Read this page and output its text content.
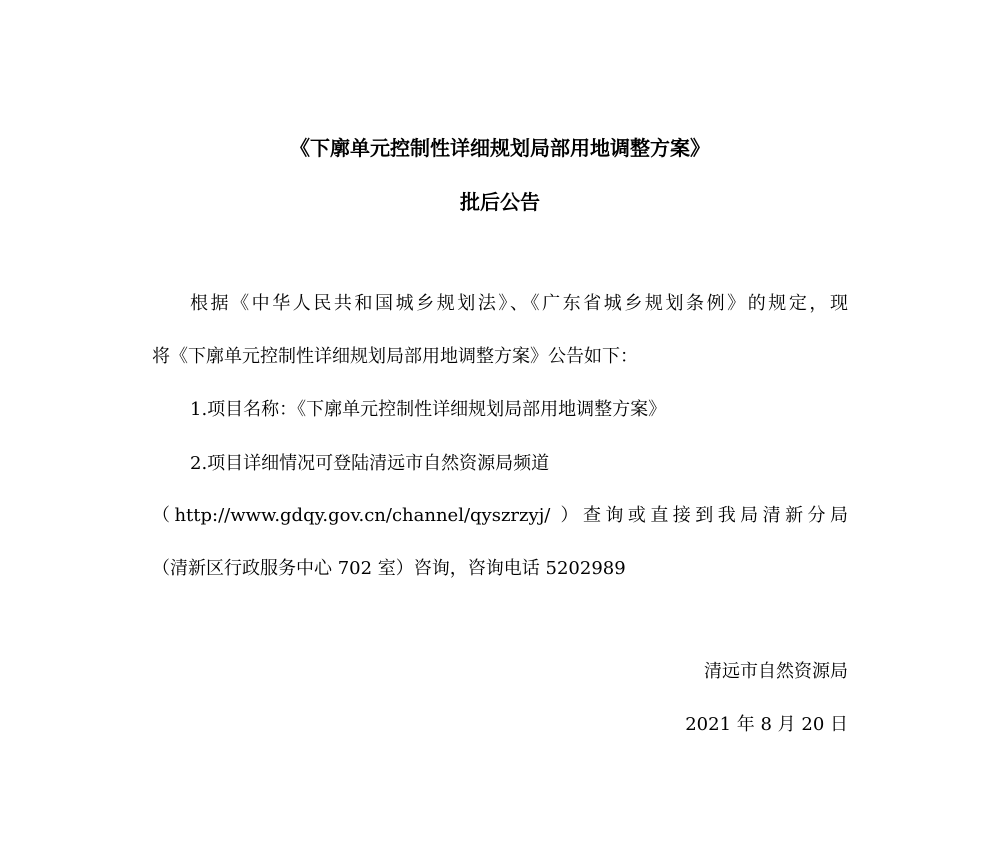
《下廓单元控制性详细规划局部用地调整方案》
批后公告
根据《中华人民共和国城乡规划法》、《广东省城乡规划条例》的规定，现
将《下廓单元控制性详细规划局部用地调整方案》公告如下：
1.项目名称：《下廓单元控制性详细规划局部用地调整方案》
2.项目详细情况可登陆清远市自然资源局频道
（http://www.gdqy.gov.cn/channel/qyszrzyj/ ）查询或直接到我局清新分局
（清新区行政服务中心 702 室）咨询，咨询电话 5202989
清远市自然资源局
2021 年 8 月 20 日
